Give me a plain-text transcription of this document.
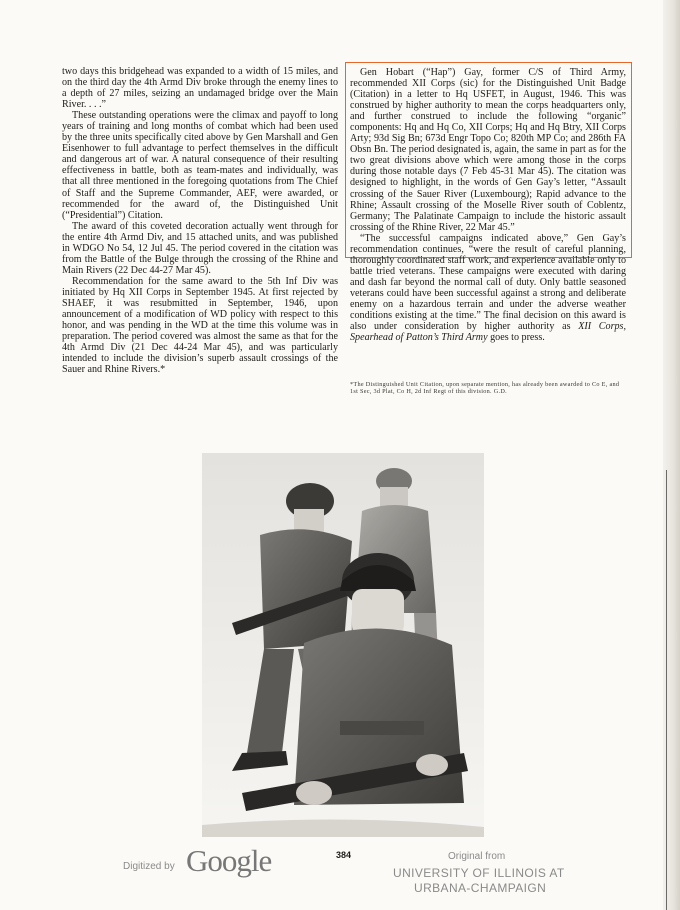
two days this bridgehead was expanded to a width of 15 miles, and on the third day the 4th Armd Div broke through the enemy lines to a depth of 27 miles, seizing an undamaged bridge over the Main River. . . .”

These outstanding operations were the climax and payoff to long years of training and long months of combat which had been used by the three units specifically cited above by Gen Marshall and Gen Eisenhower to full advantage to perfect themselves in the difficult and dangerous art of war. A natural consequence of their resulting effectiveness in battle, both as team-mates and individually, was that all three mentioned in the foregoing quotations from The Chief of Staff and the Supreme Commander, AEF, were awarded, or recommended for the award of, the Distinguished Unit (“Presidential”) Citation.

The award of this coveted decoration actually went through for the entire 4th Armd Div, and 15 attached units, and was published in WDGO No 54, 12 Jul 45. The period covered in the citation was from the Battle of the Bulge through the crossing of the Rhine and Main Rivers (22 Dec 44-27 Mar 45).

Recommendation for the same award to the 5th Inf Div was initiated by Hq XII Corps in September 1945. At first rejected by SHAEF, it was resubmitted in September, 1946, upon announcement of a modification of WD policy with respect to this honor, and was pending in the WD at the time this volume was in preparation. The period covered was almost the same as that for the 4th Armd Div (21 Dec 44-24 Mar 45), and was particularly intended to include the division’s superb assault crossings of the Sauer and Rhine Rivers.*

Gen Hobart (“Hap”) Gay, former C/S of Third Army, recommended XII Corps (sic) for the Distinguished Unit Badge (Citation) in a letter to Hq USFET, in August, 1946. This was construed by higher authority to mean the corps headquarters only, and further construed to include the following “organic” components: Hq and Hq Co, XII Corps; Hq and Hq Btry, XII Corps Arty; 93d Sig Bn; 673d Engr Topo Co; 820th MP Co; and 286th FA Obsn Bn. The period designated is, again, the same in part as for the two great divisions above which were among those in the corps during those notable days (7 Feb 45-31 Mar 45). The citation was designed to highlight, in the words of Gen Gay’s letter, “Assault crossing of the Sauer River (Luxembourg); Rapid advance to the Rhine; Assault crossing of the Moselle River south of Coblentz, Germany; The Palatinate Campaign to include the historic assault crossing of the Rhine River, 22 Mar 45.”

“The successful campaigns indicated above,” Gen Gay’s recommendation continues, “were the result of careful planning, thoroughly coordinated staff work, and experience available only to battle tried veterans. These campaigns were executed with daring and dash far beyond the normal call of duty. Only battle seasoned veterans could have been successful against a strong and deliberate enemy on a hazardous terrain and under the adverse weather conditions existing at the time.” The final decision on this award is also under consideration by higher authority as XII Corps, Spearhead of Patton’s Third Army goes to press.

*The Distinguished Unit Citation, upon separate mention, has already been awarded to Co E, and 1st Sec, 3d Plat, Co H, 2d Inf Regt of this division. G.D.
384
Digitized by Google	Original from
UNIVERSITY OF ILLINOIS AT
URBANA-CHAMPAIGN
